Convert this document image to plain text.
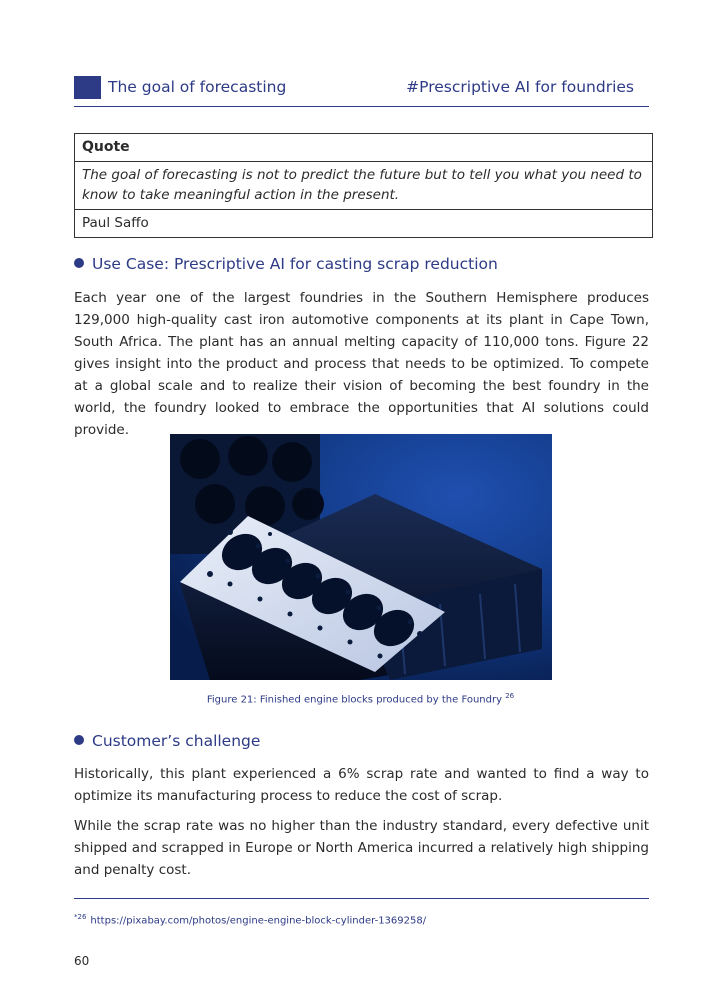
The goal of forecasting	#Prescriptive AI for foundries
Quote
The goal of forecasting is not to predict the future but to tell you what you need to know to take meaningful action in the present.
Paul Saffo
Use Case: Prescriptive AI for casting scrap reduction
Each year one of the largest foundries in the Southern Hemisphere produces 129,000 high-quality cast iron automotive components at its plant in Cape Town, South Africa. The plant has an annual melting capacity of 110,000 tons. Figure 22 gives insight into the product and process that needs to be optimized. To compete at a global scale and to realize their vision of becoming the best foundry in the world, the foundry looked to embrace the opportunities that AI solutions could provide.
Figure 21: Finished engine blocks produced by the Foundry $^{26}$
Customer’s challenge
Historically, this plant experienced a 6% scrap rate and wanted to find a way to optimize its manufacturing process to reduce the cost of scrap.
While the scrap rate was no higher than the industry standard, every defective unit shipped and scrapped in Europe or North America incurred a relatively high shipping and penalty cost.
$^{*26}$ https://pixabay.com/photos/engine-engine-block-cylinder-1369258/
60
